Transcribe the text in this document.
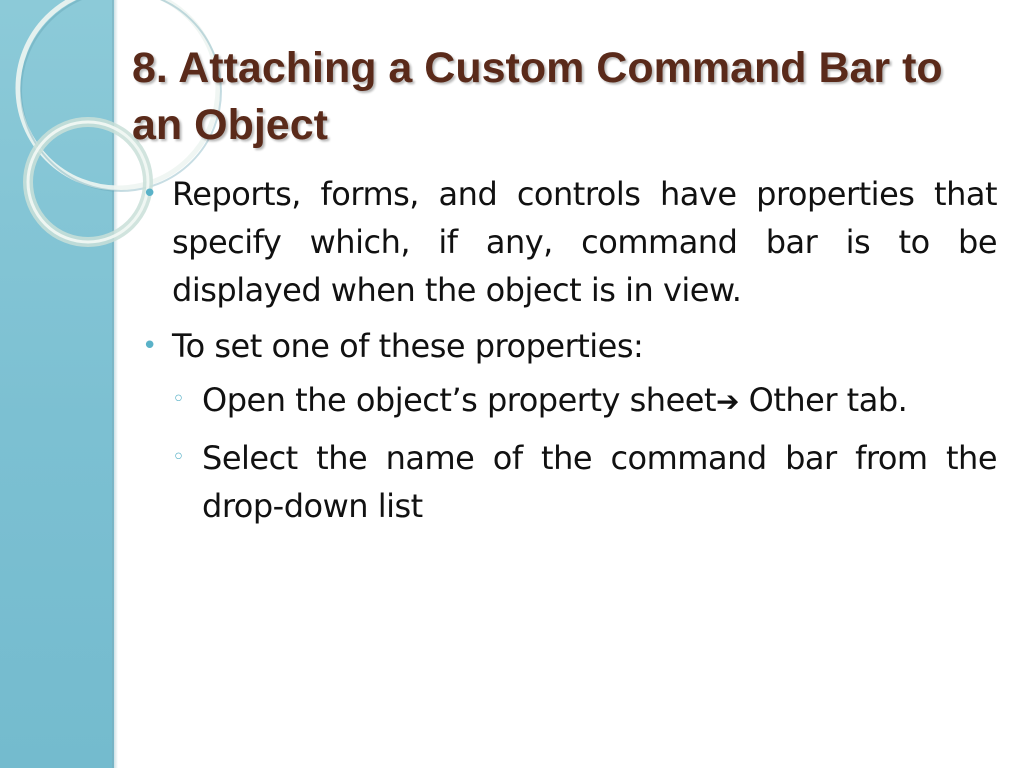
8. Attaching a Custom Command Bar to an Object
• Reports, forms, and controls have properties that specify which, if any, command bar is to be displayed when the object is in view.
• To set one of these properties:
◦ Open the object’s property sheet➔ Other tab.
◦ Select the name of the command bar from the drop-down list
